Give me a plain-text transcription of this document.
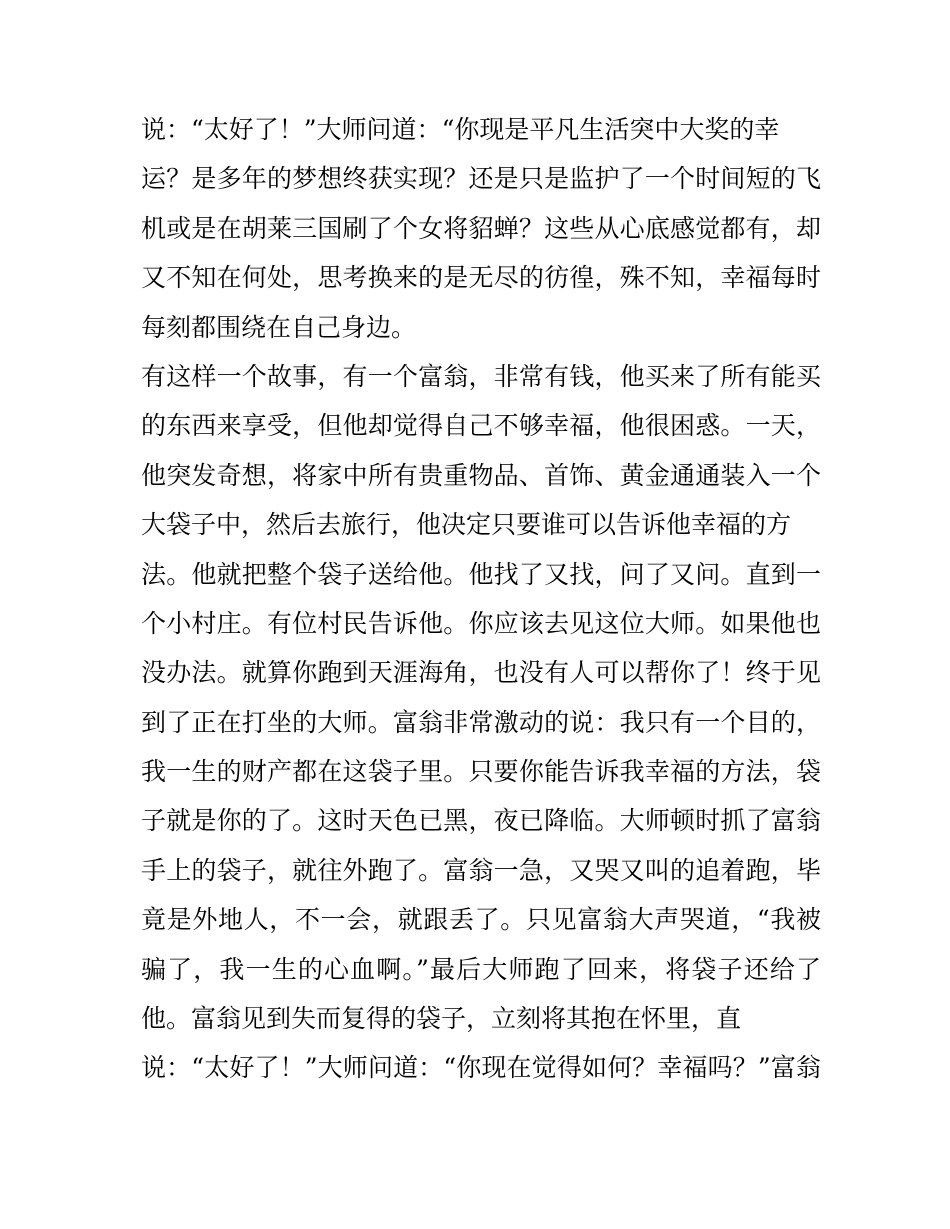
说：“太好了！”大师问道：“你现是平凡生活突中大奖的幸
运？是多年的梦想终获实现？还是只是监护了一个时间短的飞
机或是在胡莱三国刷了个女将貂蝉？这些从心底感觉都有，却
又不知在何处，思考换来的是无尽的彷徨，殊不知，幸福每时
每刻都围绕在自己身边。
有这样一个故事，有一个富翁，非常有钱，他买来了所有能买
的东西来享受，但他却觉得自己不够幸福，他很困惑。一天，
他突发奇想，将家中所有贵重物品、首饰、黄金通通装入一个
大袋子中，然后去旅行，他决定只要谁可以告诉他幸福的方
法。他就把整个袋子送给他。他找了又找，问了又问。直到一
个小村庄。有位村民告诉他。你应该去见这位大师。如果他也
没办法。就算你跑到天涯海角，也没有人可以帮你了！终于见
到了正在打坐的大师。富翁非常激动的说：我只有一个目的，
我一生的财产都在这袋子里。只要你能告诉我幸福的方法，袋
子就是你的了。这时天色已黑，夜已降临。大师顿时抓了富翁
手上的袋子，就往外跑了。富翁一急，又哭又叫的追着跑，毕
竟是外地人，不一会，就跟丢了。只见富翁大声哭道，“我被
骗了，我一生的心血啊。”最后大师跑了回来，将袋子还给了
他。富翁见到失而复得的袋子，立刻将其抱在怀里，直
说：“太好了！”大师问道：“你现在觉得如何？幸福吗？”富翁
